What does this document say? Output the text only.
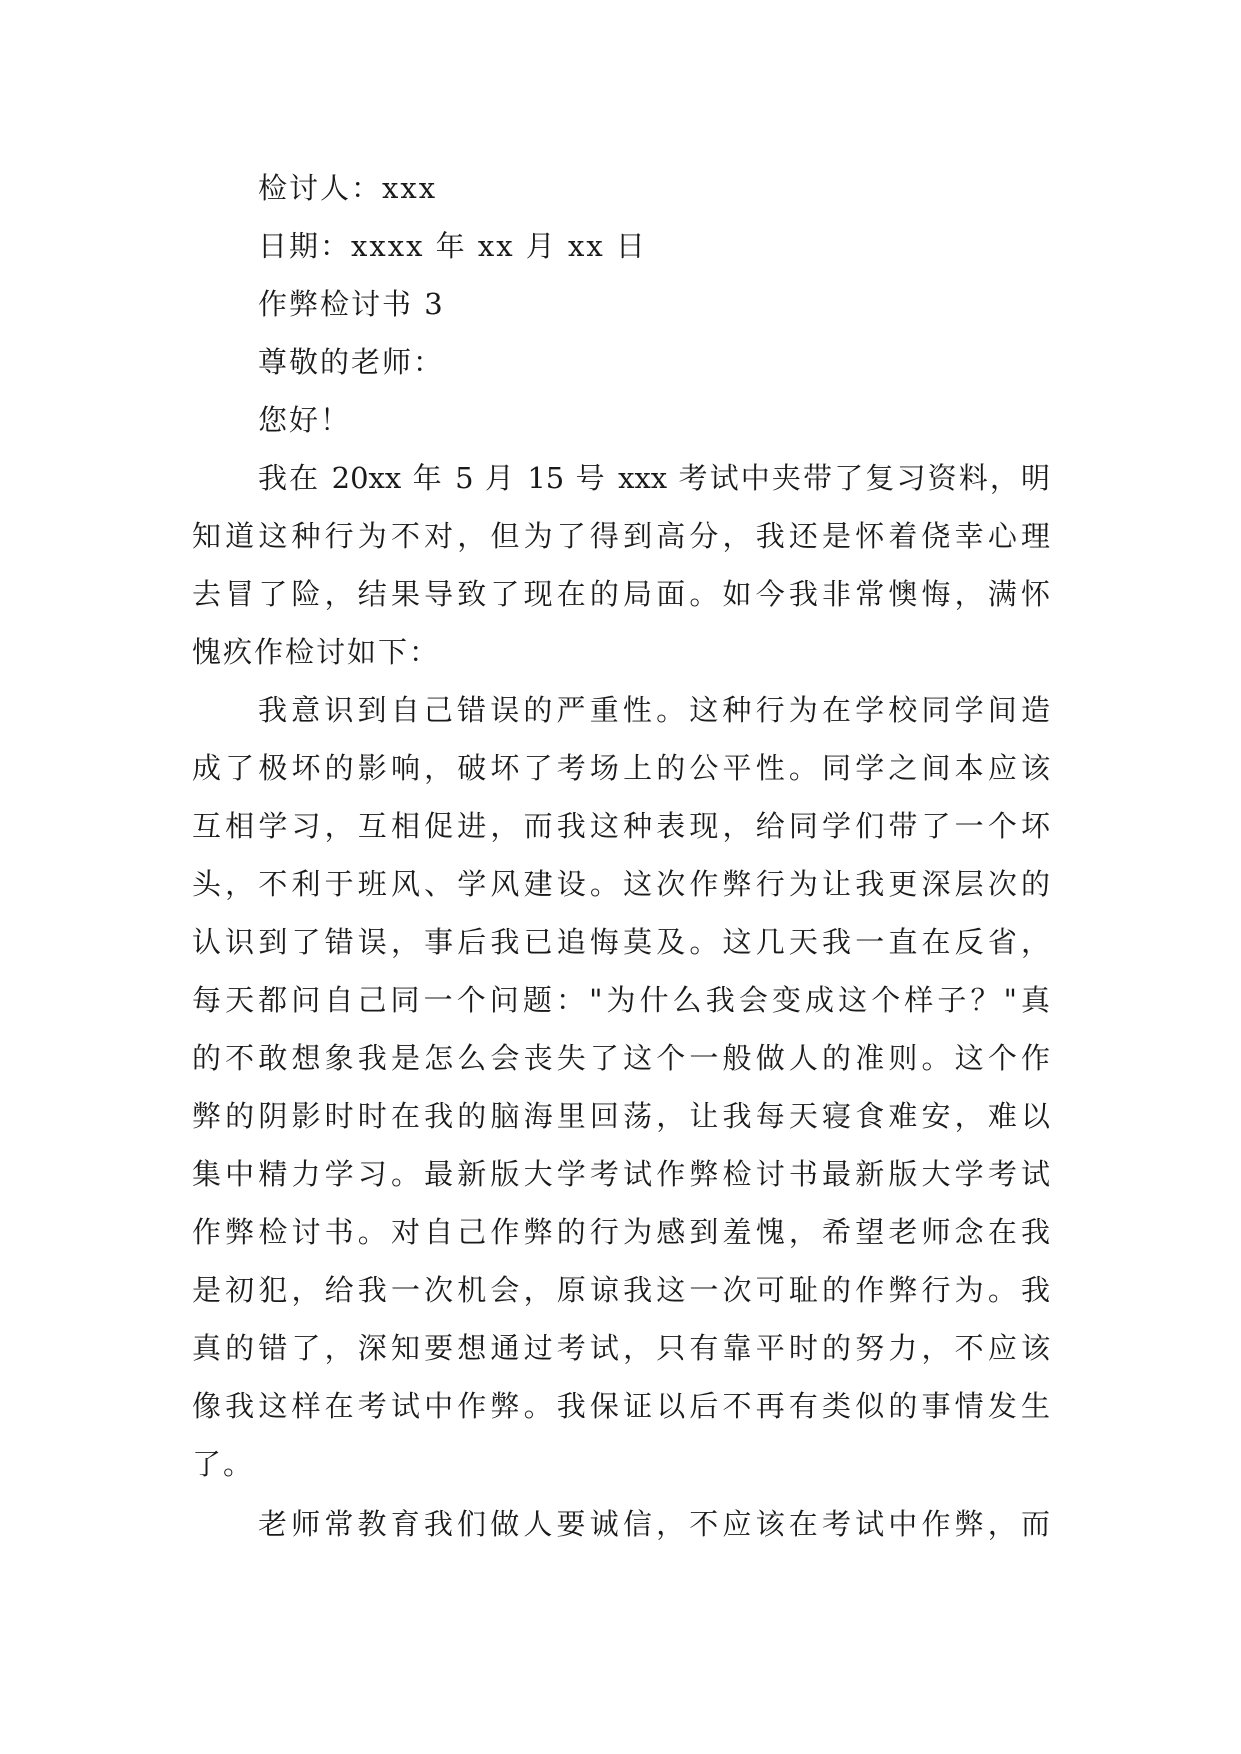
检讨人：xxx
日期：xxxx 年 xx 月 xx 日
作弊检讨书 3
尊敬的老师：
您好！
我在 20xx 年 5 月 15 号 xxx 考试中夹带了复习资料，明
知道这种行为不对，但为了得到高分，我还是怀着侥幸心理
去冒了险，结果导致了现在的局面。如今我非常懊悔，满怀
愧疚作检讨如下：
我意识到自己错误的严重性。这种行为在学校同学间造
成了极坏的影响，破坏了考场上的公平性。同学之间本应该
互相学习，互相促进，而我这种表现，给同学们带了一个坏
头，不利于班风、学风建设。这次作弊行为让我更深层次的
认识到了错误，事后我已追悔莫及。这几天我一直在反省，
每天都问自己同一个问题："为什么我会变成这个样子？"真
的不敢想象我是怎么会丧失了这个一般做人的准则。这个作
弊的阴影时时在我的脑海里回荡，让我每天寝食难安，难以
集中精力学习。最新版大学考试作弊检讨书最新版大学考试
作弊检讨书。对自己作弊的行为感到羞愧，希望老师念在我
是初犯，给我一次机会，原谅我这一次可耻的作弊行为。我
真的错了，深知要想通过考试，只有靠平时的努力，不应该
像我这样在考试中作弊。我保证以后不再有类似的事情发生
了。
老师常教育我们做人要诚信，不应该在考试中作弊，而
